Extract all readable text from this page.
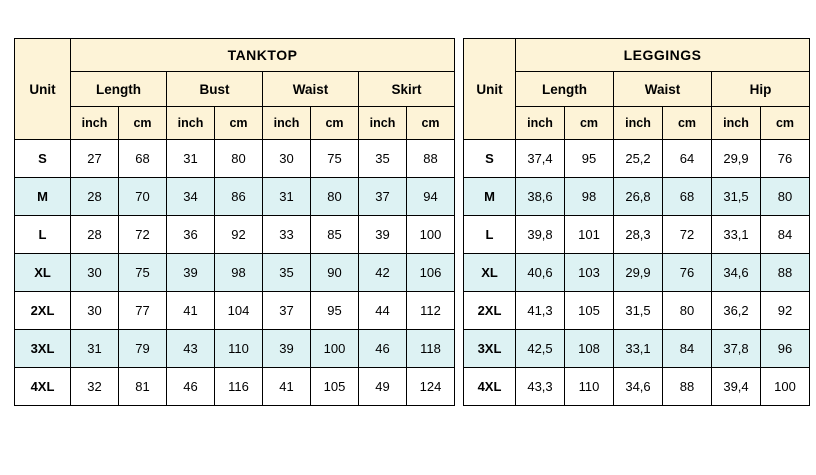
Unit	TANKTOP							
	Length		Bust		Waist		Skirt	
	inch	cm	inch	cm	inch	cm	inch	cm
S	27	68	31	80	30	75	35	88
M	28	70	34	86	31	80	37	94
L	28	72	36	92	33	85	39	100
XL	30	75	39	98	35	90	42	106
2XL	30	77	41	104	37	95	44	112
3XL	31	79	43	110	39	100	46	118
4XL	32	81	46	116	41	105	49	124
Unit	LEGGINGS					
	Length		Waist		Hip	
	inch	cm	inch	cm	inch	cm
S	37,4	95	25,2	64	29,9	76
M	38,6	98	26,8	68	31,5	80
L	39,8	101	28,3	72	33,1	84
XL	40,6	103	29,9	76	34,6	88
2XL	41,3	105	31,5	80	36,2	92
3XL	42,5	108	33,1	84	37,8	96
4XL	43,3	110	34,6	88	39,4	100
